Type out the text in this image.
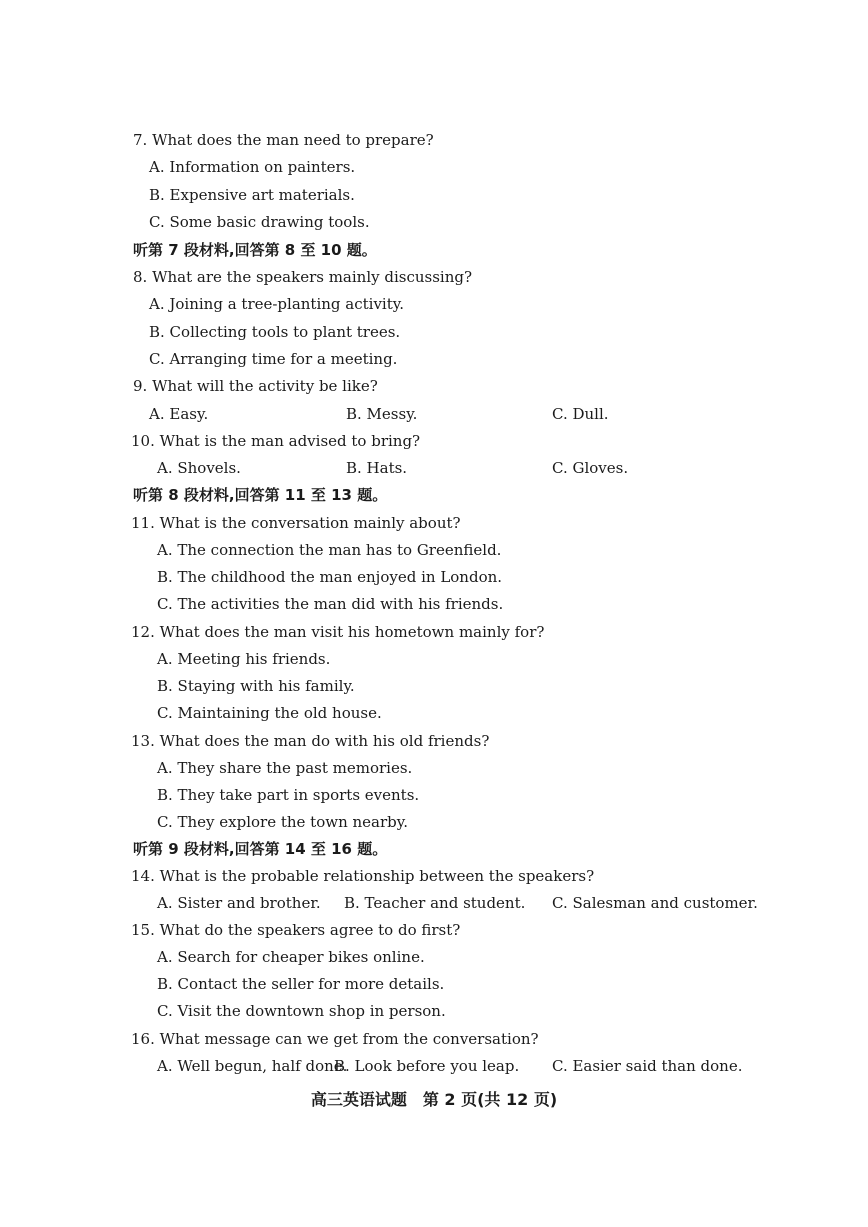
7. What does the man need to prepare?
A. Information on painters.
B. Expensive art materials.
C. Some basic drawing tools.
听第 7 段材料,回答第 8 至 10 题。
8. What are the speakers mainly discussing?
A. Joining a tree-planting activity.
B. Collecting tools to plant trees.
C. Arranging time for a meeting.
9. What will the activity be like?
A. Easy.	B. Messy.	C. Dull.
10. What is the man advised to bring?
A. Shovels.	B. Hats.	C. Gloves.
听第 8 段材料,回答第 11 至 13 题。
11. What is the conversation mainly about?
A. The connection the man has to Greenfield.
B. The childhood the man enjoyed in London.
C. The activities the man did with his friends.
12. What does the man visit his hometown mainly for?
A. Meeting his friends.
B. Staying with his family.
C. Maintaining the old house.
13. What does the man do with his old friends?
A. They share the past memories.
B. They take part in sports events.
C. They explore the town nearby.
听第 9 段材料,回答第 14 至 16 题。
14. What is the probable relationship between the speakers?
A. Sister and brother. B. Teacher and student. C. Salesman and customer.
15. What do the speakers agree to do first?
A. Search for cheaper bikes online.
B. Contact the seller for more details.
C. Visit the downtown shop in person.
16. What message can we get from the conversation?
A. Well begun, half done.
B. Look before you leap. C. Easier said than done.
高三英语试题 第 2 页(共 12 页)
